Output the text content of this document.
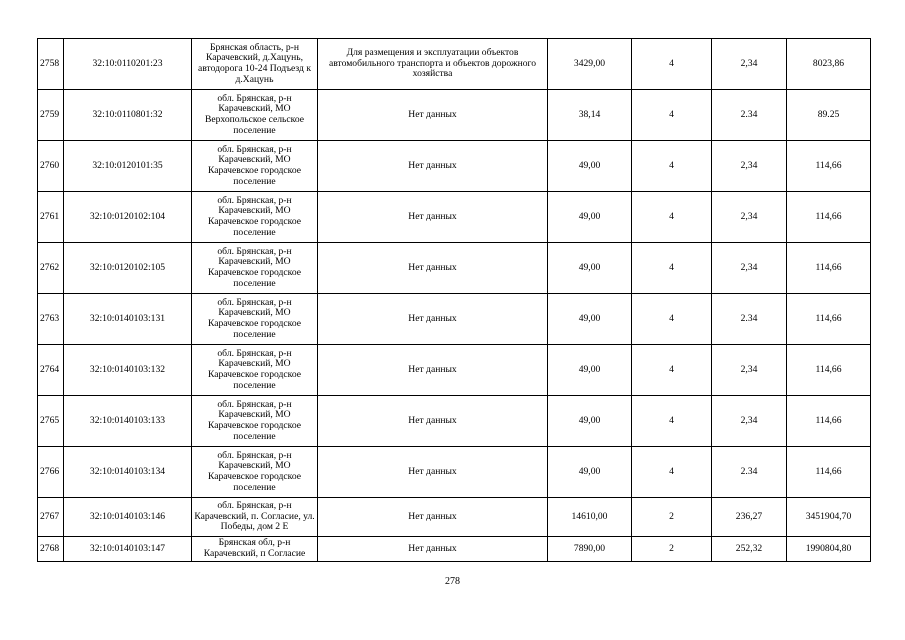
2758	32:10:0110201:23	Брянская область, р-н Карачевский, д.Хацунь, автодорога 10-24 Подъезд к д.Хацунь	Для размещения и эксплуатации объектов автомобильного транспорта и объектов дорожного хозяйства	3429,00	4	2,34	8023,86
2759	32:10:0110801:32	обл. Брянская, р-н Карачевский, МО Верхопольское сельское поселение	Нет данных	38,14	4	2.34	89.25
2760	32:10:0120101:35	обл. Брянская, р-н Карачевский, МО Карачевское городское поселение	Нет данных	49,00	4	2,34	114,66
2761	32:10:0120102:104	обл. Брянская, р-н Карачевский, МО Карачевское городское поселение	Нет данных	49,00	4	2,34	114,66
2762	32:10:0120102:105	обл. Брянская, р-н Карачевский, МО Карачевское городское поселение	Нет данных	49,00	4	2,34	114,66
2763	32:10:0140103:131	обл. Брянская, р-н Карачевский, МО Карачевское городское поселение	Нет данных	49,00	4	2.34	114,66
2764	32:10:0140103:132	обл. Брянская, р-н Карачевский, МО Карачевское городское поселение	Нет данных	49,00	4	2,34	114,66
2765	32:10:0140103:133	обл. Брянская, р-н Карачевский, МО Карачевское городское поселение	Нет данных	49,00	4	2,34	114,66
2766	32:10:0140103:134	обл. Брянская, р-н Карачевский, МО Карачевское городское поселение	Нет данных	49,00	4	2.34	114,66
2767	32:10:0140103:146	обл. Брянская, р-н Карачевский, п. Согласие, ул. Победы, дом 2 Е	Нет данных	14610,00	2	236,27	3451904,70
2768	32:10:0140103:147	Брянская обл, р-н Карачевский, п Согласие	Нет данных	7890,00	2	252,32	1990804,80
278
